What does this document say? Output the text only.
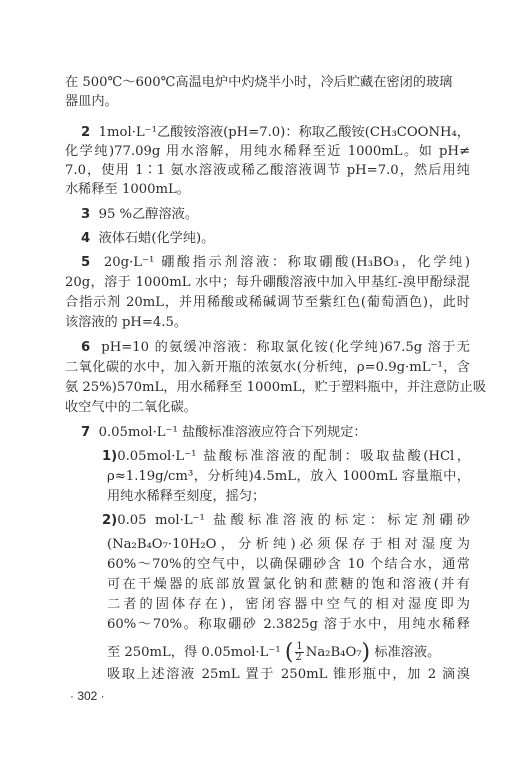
在 500℃～600℃高温电炉中灼烧半小时，冷后贮藏在密闭的玻璃
器皿内。
2 1mol·L⁻¹乙酸铵溶液(pH=7.0)：称取乙酸铵(CH₃COONH₄，
化学纯)77.09g 用水溶解，用纯水稀释至近 1000mL。如 pH≠
7.0，使用 1∶1 氨水溶液或稀乙酸溶液调节 pH=7.0，然后用纯
水稀释至 1000mL。
3 95 %乙醇溶液。
4 液体石蜡(化学纯)。
5 20g·L⁻¹ 硼酸指示剂溶液：称取硼酸(H₃BO₃，化学纯)
20g，溶于 1000mL 水中；每升硼酸溶液中加入甲基红-溴甲酚绿混
合指示剂 20mL，并用稀酸或稀碱调节至紫红色(葡萄酒色)，此时
该溶液的 pH=4.5。
6 pH=10 的氨缓冲溶液：称取氯化铵(化学纯)67.5g 溶于无
二氧化碳的水中，加入新开瓶的浓氨水(分析纯，ρ=0.9g·mL⁻¹，含
氨 25%)570mL，用水稀释至 1000mL，贮于塑料瓶中，并注意防止吸
收空气中的二氧化碳。
7 0.05mol·L⁻¹ 盐酸标准溶液应符合下列规定：
1)0.05mol·L⁻¹ 盐酸标准溶液的配制：吸取盐酸(HCl，
ρ≈1.19g/cm³，分析纯)4.5mL，放入 1000mL 容量瓶中，
用纯水稀释至刻度，摇匀；
2)0.05 mol·L⁻¹ 盐酸标准溶液的标定：标定剂硼砂
(Na₂B₄O₇·10H₂O，分析纯)必须保存于相对湿度为
60%～70%的空气中，以确保硼砂含 10 个结合水，通常
可在干燥器的底部放置氯化钠和蔗糖的饱和溶液(并有
二者的固体存在)，密闭容器中空气的相对湿度即为
60%～70%。称取硼砂 2.3825g 溶于水中，用纯水稀释
至 250mL，得 0.05mol·L⁻¹ ( $\frac{1}{2} Na_2B_4O_7$) 标准溶液。
吸取上述溶液 25mL 置于 250mL 锥形瓶中，加 2 滴溴
· 302 ·
